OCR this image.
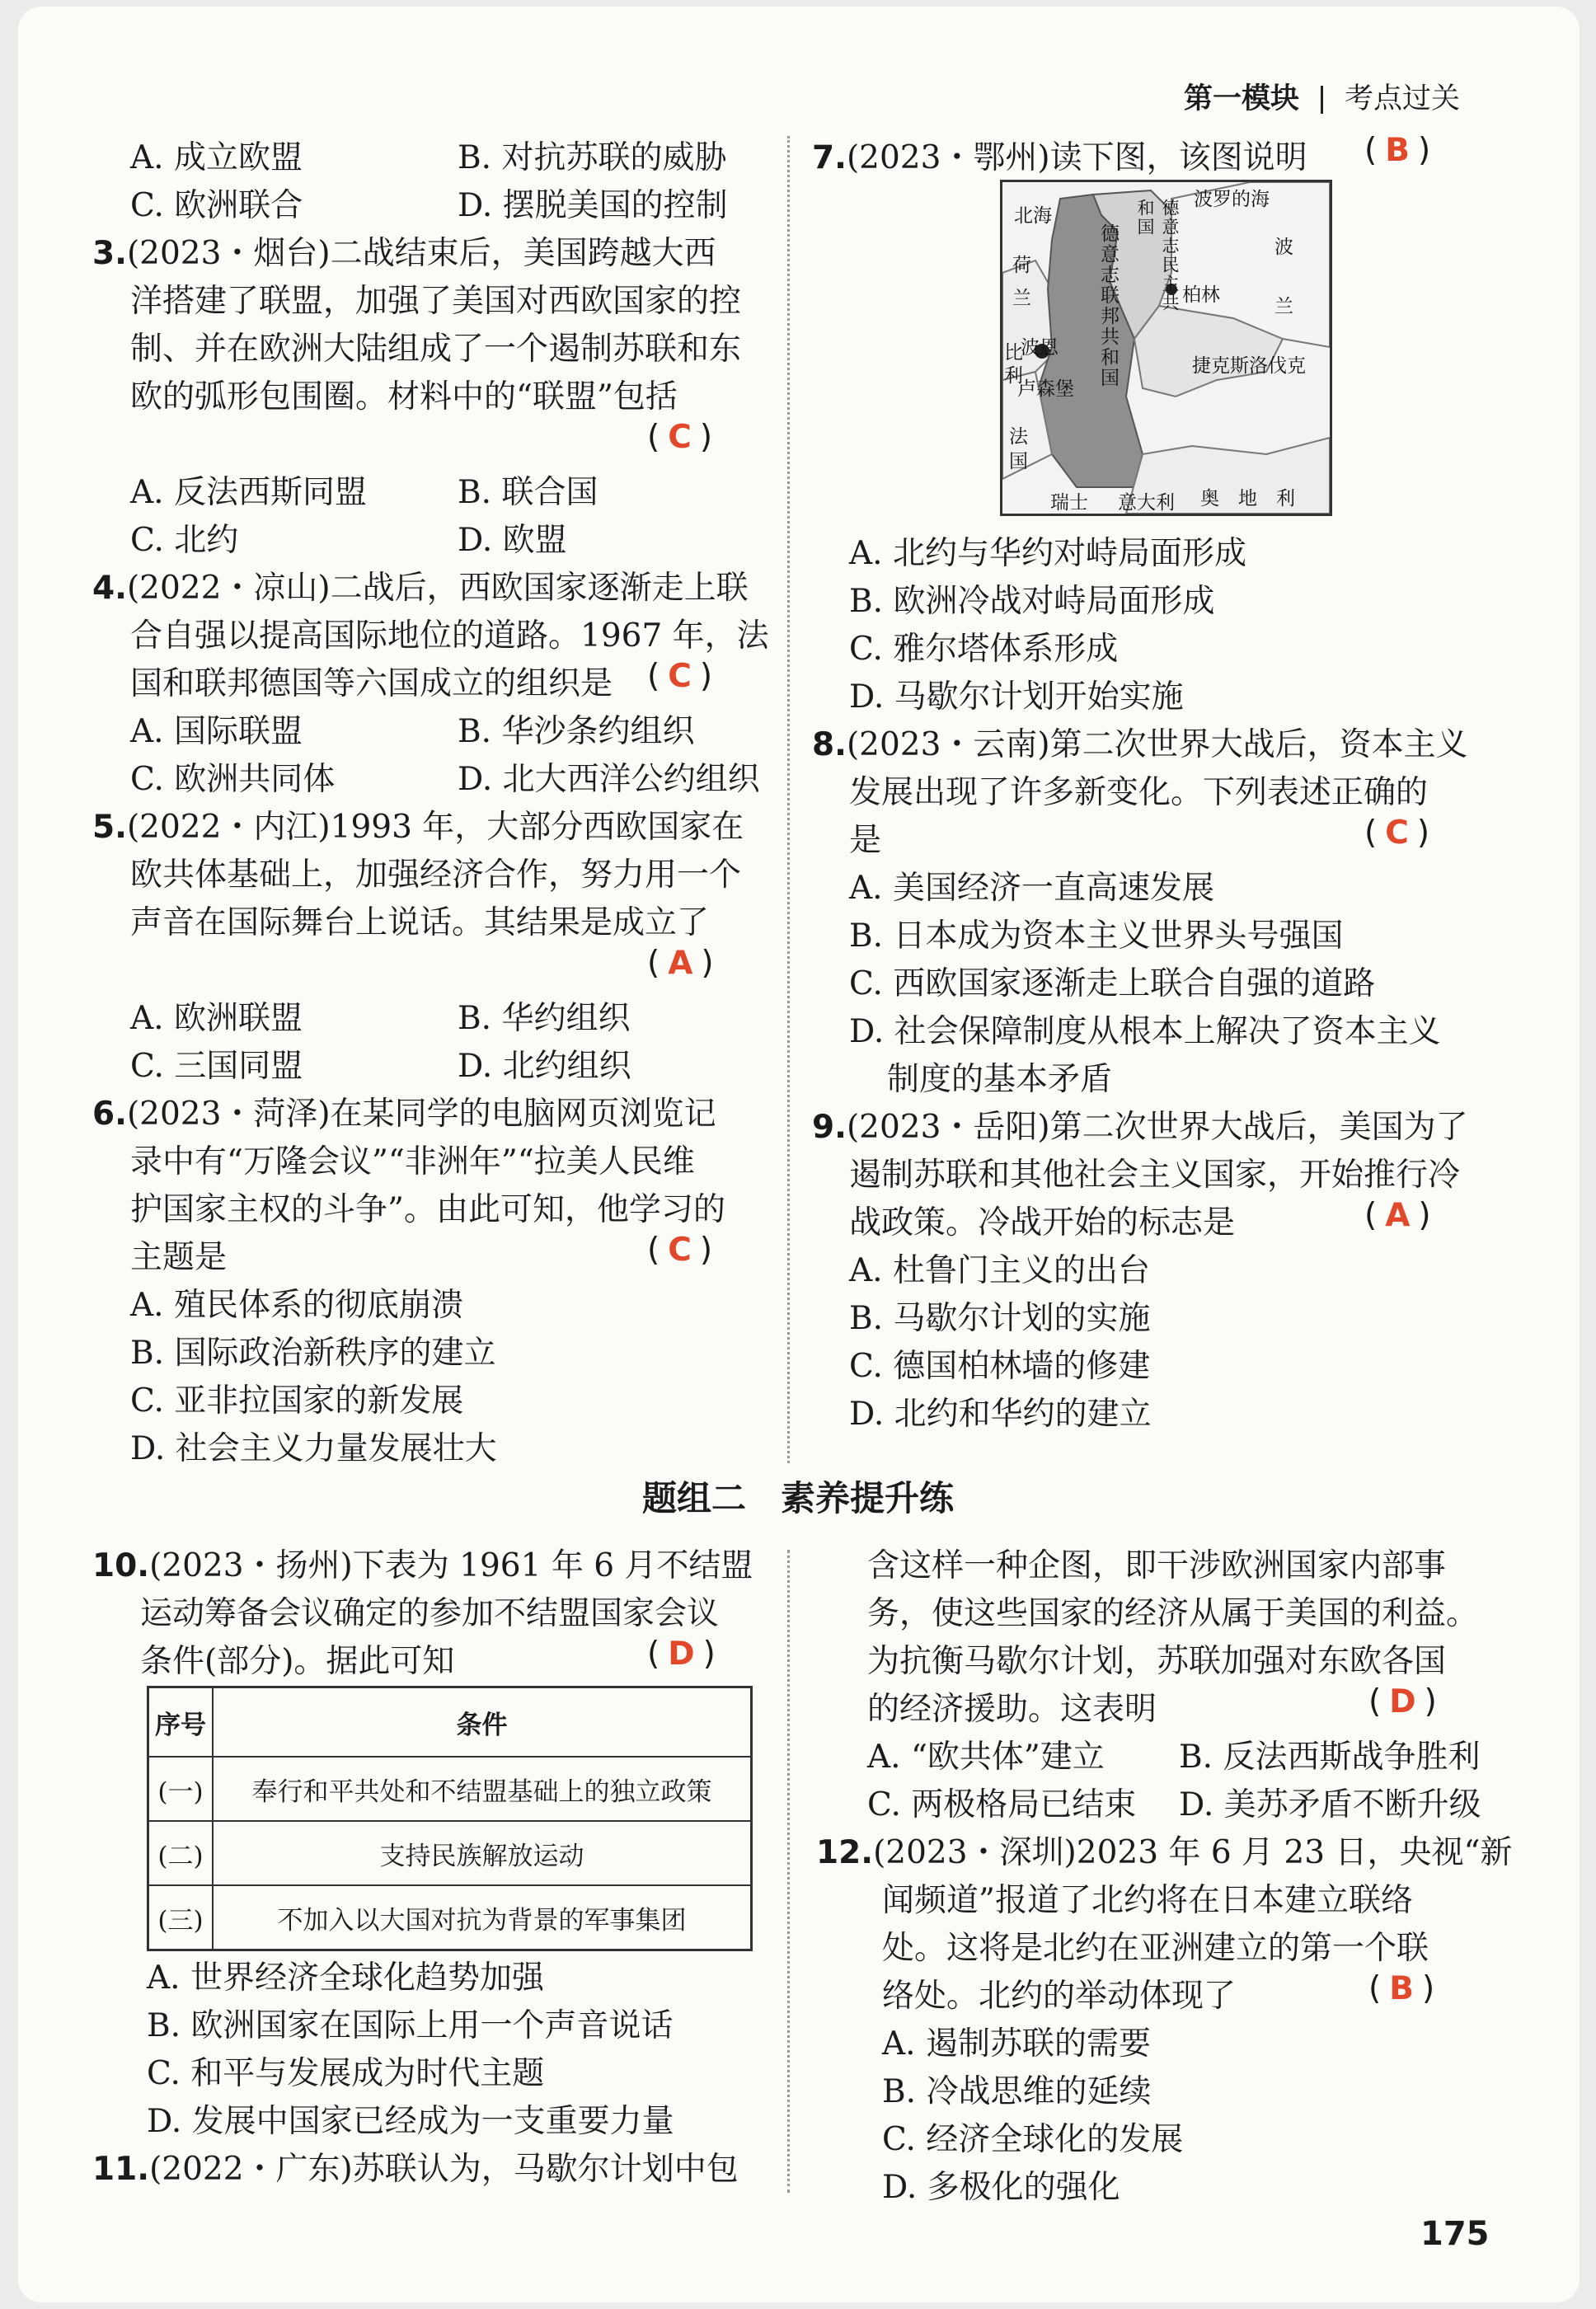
第一模块 考点过关
A. 成立欧盟	B. 对抗苏联的威胁
C. 欧洲联合	D. 摆脱美国的控制
3.(2023・烟台)二战结束后，美国跨越大西
洋搭建了联盟，加强了美国对西欧国家的控
制、并在欧洲大陆组成了一个遏制苏联和东
欧的弧形包围圈。材料中的“联盟”包括
( C )
A. 反法西斯同盟	B. 联合国
C. 北约	D. 欧盟
4.(2022・凉山)二战后，西欧国家逐渐走上联
合自强以提高国际地位的道路。1967 年，法
国和联邦德国等六国成立的组织是 ( C )
A. 国际联盟	B. 华沙条约组织
C. 欧洲共同体	D. 北大西洋公约组织
5.(2022・内江)1993 年，大部分西欧国家在
欧共体基础上，加强经济合作，努力用一个
声音在国际舞台上说话。其结果是成立了
( A )
A. 欧洲联盟	B. 华约组织
C. 三国同盟	D. 北约组织
6.(2023・菏泽)在某同学的电脑网页浏览记
录中有“万隆会议”“非洲年”“拉美人民维
护国家主权的斗争”。由此可知，他学习的
主题是	( C )
A. 殖民体系的彻底崩溃
B. 国际政治新秩序的建立
C. 亚非拉国家的新发展
D. 社会主义力量发展壮大
7.(2023・鄂州)读下图，该图说明 ( B )
波罗的海
北海
荷
兰
比
利
波恩
卢森堡
法
国
德意志联邦共和国	德意志民主共和国
柏林
波
兰
捷克斯洛伐克
瑞士 意大利 奥　地　利
A. 北约与华约对峙局面形成
B. 欧洲冷战对峙局面形成
C. 雅尔塔体系形成
D. 马歇尔计划开始实施
8.(2023・云南)第二次世界大战后，资本主义
发展出现了许多新变化。下列表述正确的
是	( C )
A. 美国经济一直高速发展
B. 日本成为资本主义世界头号强国
C. 西欧国家逐渐走上联合自强的道路
D. 社会保障制度从根本上解决了资本主义
制度的基本矛盾
9.(2023・岳阳)第二次世界大战后，美国为了
遏制苏联和其他社会主义国家，开始推行冷
战政策。冷战开始的标志是	( A )
A. 杜鲁门主义的出台
B. 马歇尔计划的实施
C. 德国柏林墙的修建
D. 北约和华约的建立
题组二　素养提升练
10.(2023・扬州)下表为 1961 年 6 月不结盟
运动筹备会议确定的参加不结盟国家会议
条件(部分)。据此可知	( D )
序号	条件
(一)	奉行和平共处和不结盟基础上的独立政策
(二)	支持民族解放运动
(三)	不加入以大国对抗为背景的军事集团
A. 世界经济全球化趋势加强
B. 欧洲国家在国际上用一个声音说话
C. 和平与发展成为时代主题
D. 发展中国家已经成为一支重要力量
11.(2022・广东)苏联认为，马歇尔计划中包
含这样一种企图，即干涉欧洲国家内部事
务，使这些国家的经济从属于美国的利益。
为抗衡马歇尔计划，苏联加强对东欧各国
的经济援助。这表明	( D )
A. “欧共体”建立 B. 反法西斯战争胜利
C. 两极格局已结束 D. 美苏矛盾不断升级
12.(2023・深圳)2023 年 6 月 23 日，央视“新
闻频道”报道了北约将在日本建立联络
处。这将是北约在亚洲建立的第一个联
络处。北约的举动体现了	( B )
A. 遏制苏联的需要
B. 冷战思维的延续
C. 经济全球化的发展
D. 多极化的强化
175
